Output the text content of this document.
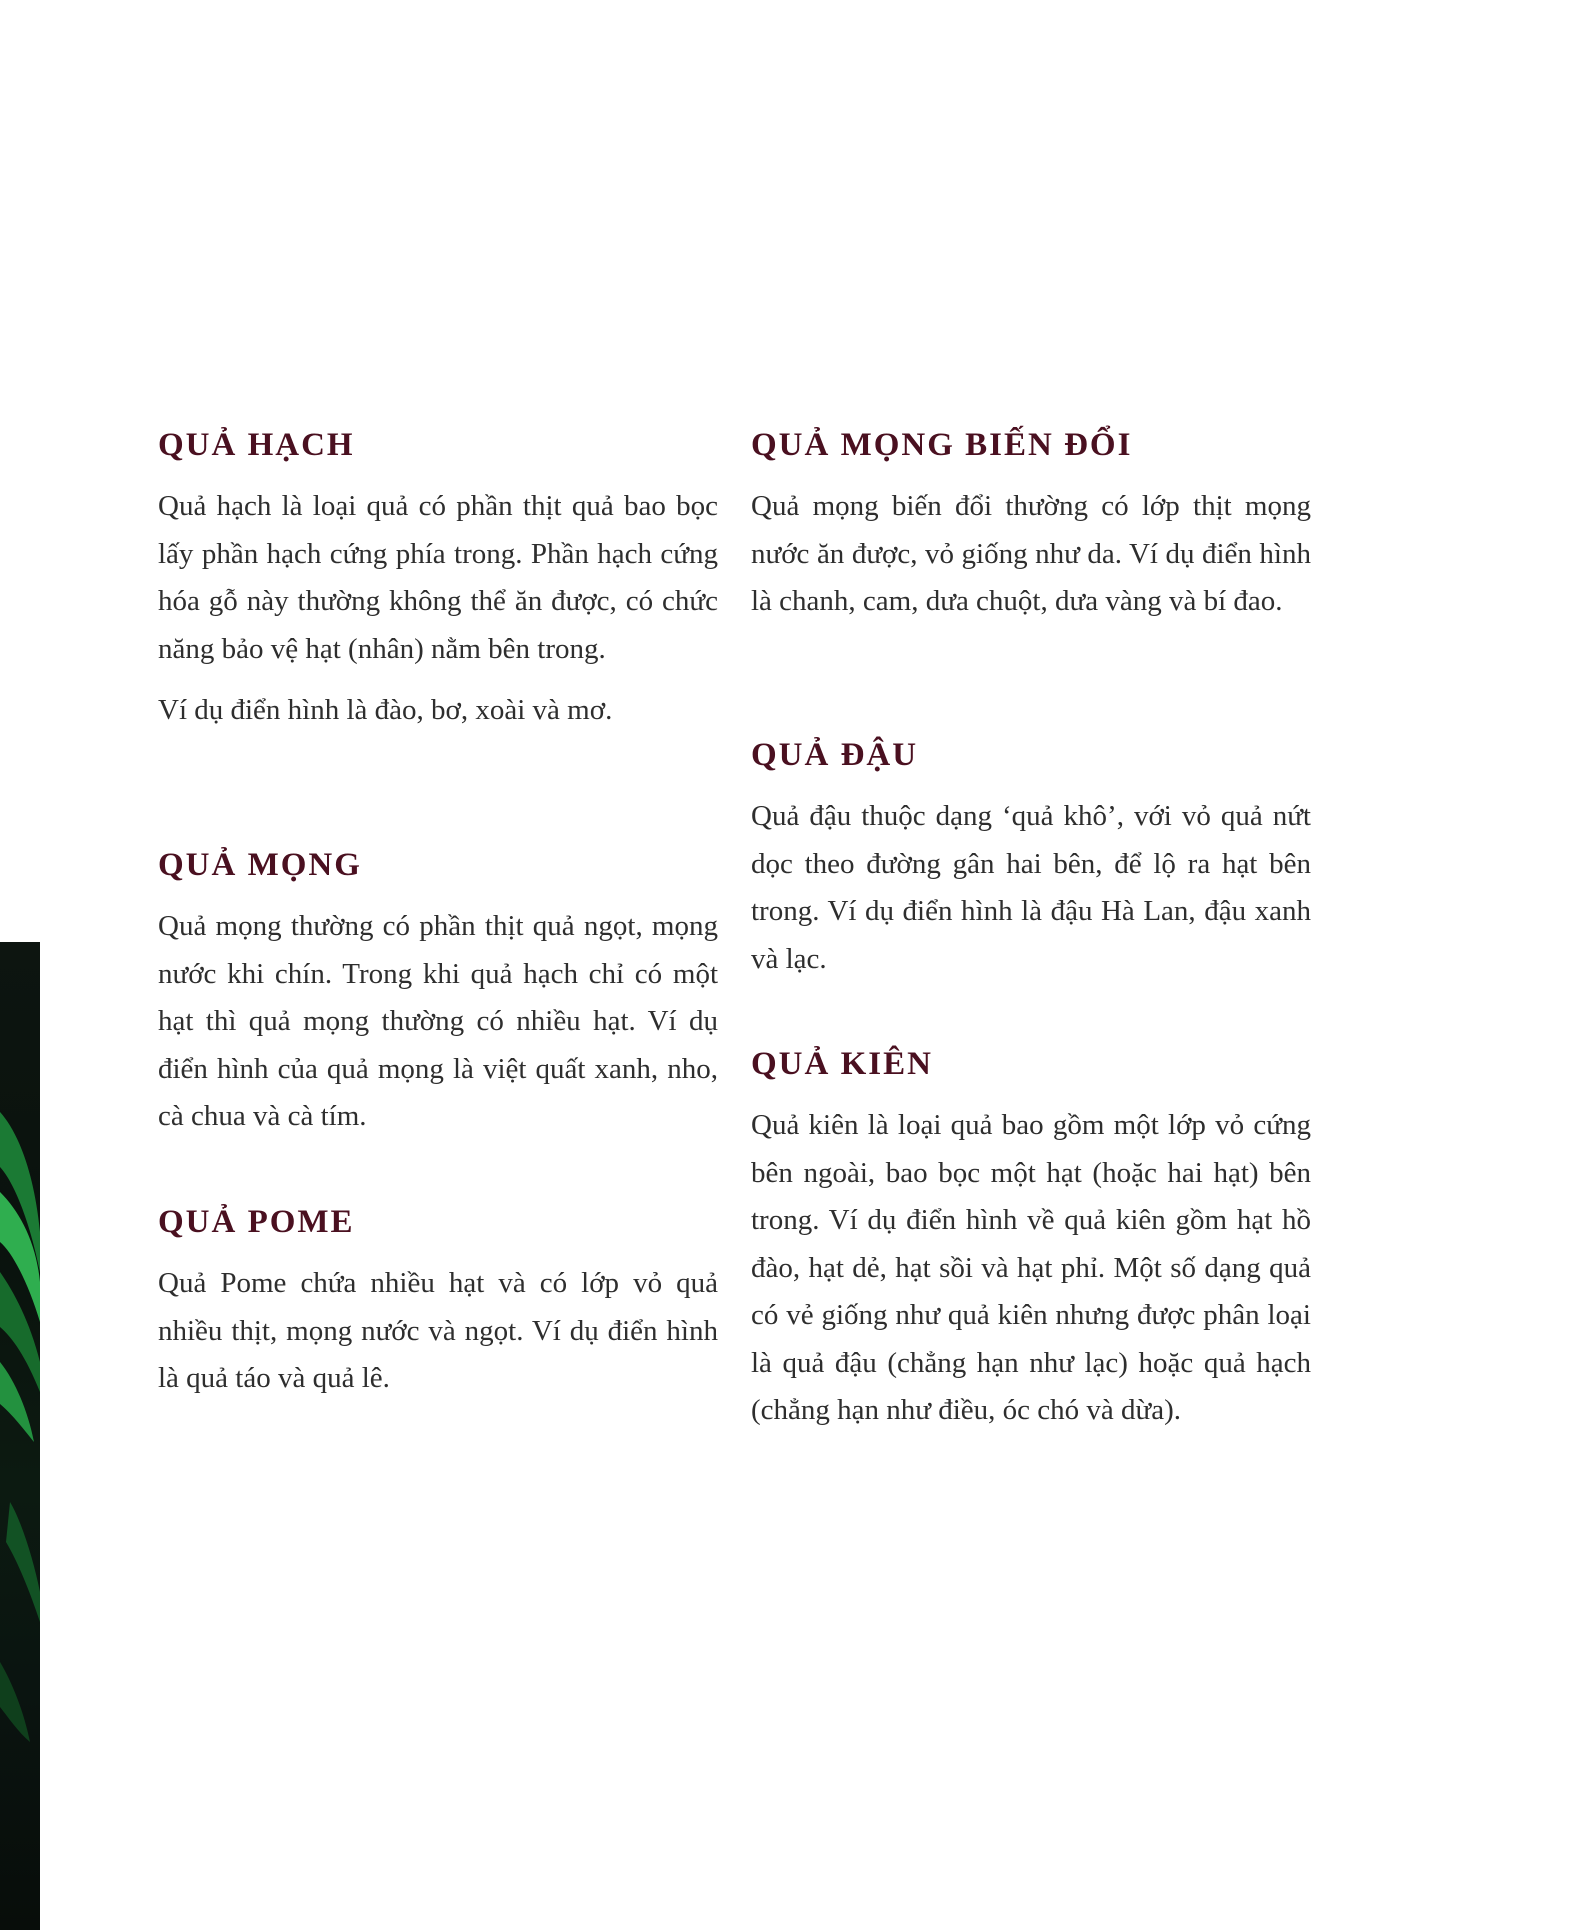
QUẢ HẠCH

Quả hạch là loại quả có phần thịt quả bao bọc lấy phần hạch cứng phía trong. Phần hạch cứng hóa gỗ này thường không thể ăn được, có chức năng bảo vệ hạt (nhân) nằm bên trong.

Ví dụ điển hình là đào, bơ, xoài và mơ.

QUẢ MỌNG

Quả mọng thường có phần thịt quả ngọt, mọng nước khi chín. Trong khi quả hạch chỉ có một hạt thì quả mọng thường có nhiều hạt. Ví dụ điển hình của quả mọng là việt quất xanh, nho, cà chua và cà tím.

QUẢ POME

Quả Pome chứa nhiều hạt và có lớp vỏ quả nhiều thịt, mọng nước và ngọt. Ví dụ điển hình là quả táo và quả lê.

QUẢ MỌNG BIẾN ĐỔI

Quả mọng biến đổi thường có lớp thịt mọng nước ăn được, vỏ giống như da. Ví dụ điển hình là chanh, cam, dưa chuột, dưa vàng và bí đao.

QUẢ ĐẬU

Quả đậu thuộc dạng ‘quả khô’, với vỏ quả nứt dọc theo đường gân hai bên, để lộ ra hạt bên trong. Ví dụ điển hình là đậu Hà Lan, đậu xanh và lạc.

QUẢ KIÊN

Quả kiên là loại quả bao gồm một lớp vỏ cứng bên ngoài, bao bọc một hạt (hoặc hai hạt) bên trong. Ví dụ điển hình về quả kiên gồm hạt hồ đào, hạt dẻ, hạt sồi và hạt phỉ. Một số dạng quả có vẻ giống như quả kiên nhưng được phân loại là quả đậu (chẳng hạn như lạc) hoặc quả hạch (chẳng hạn như điều, óc chó và dừa).
